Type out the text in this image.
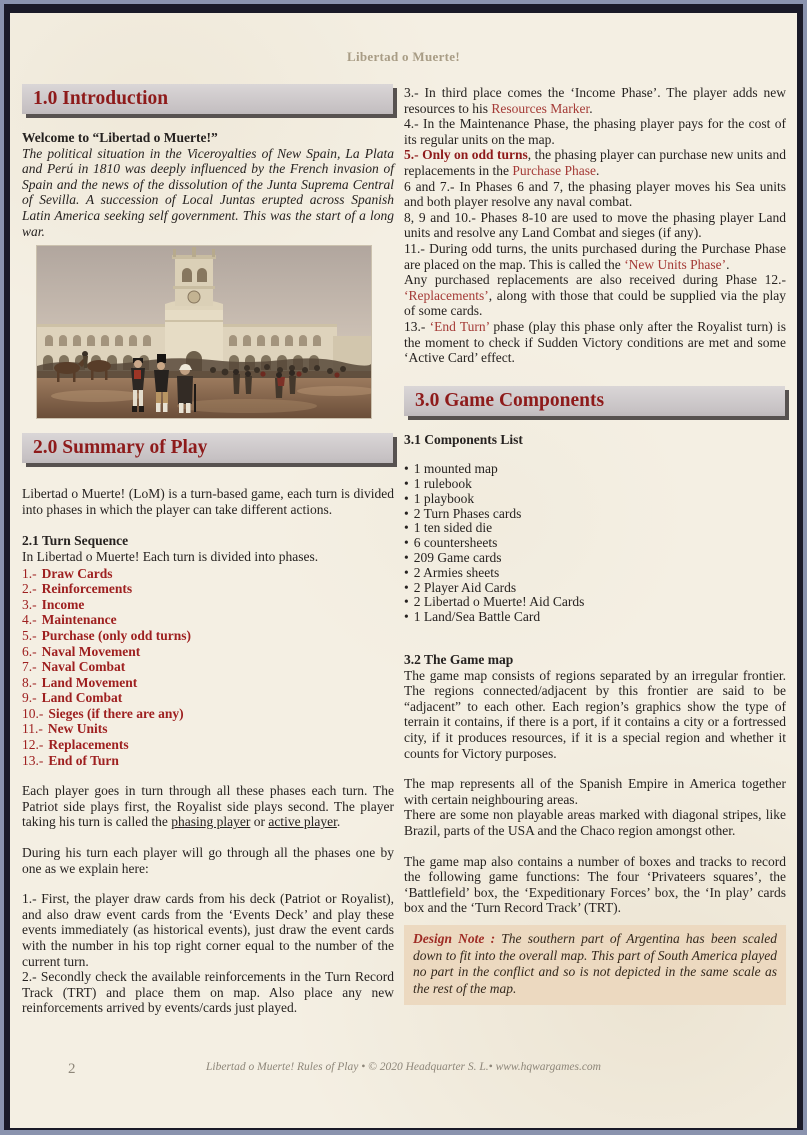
Libertad o Muerte!
1.0 Introduction

Welcome to “Libertad o Muerte!”

The political situation in the Viceroyalties of New Spain, La Plata and Perú in 1810 was deeply influenced by the French invasion of Spain and the news of the dissolution of the Junta Suprema Central of Sevilla. A succession of Local Juntas erupted across Spanish Latin America seeking self government. This was the start of a long war.

2.0 Summary of Play

Libertad o Muerte! (LoM) is a turn-based game, each turn is divided into phases in which the player can take different actions.

2.1 Turn Sequence

In Libertad o Muerte! Each turn is divided into phases.

1.- Draw Cards
2.- Reinforcements
3.- Income
4.- Maintenance
5.- Purchase (only odd turns)
6.- Naval Movement
7.- Naval Combat
8.- Land Movement
9.- Land Combat
10.- Sieges (if there are any)
11.- New Units
12.- Replacements
13.- End of Turn

Each player goes in turn through all these phases each turn. The Patriot side plays first, the Royalist side plays second. The player taking his turn is called the phasing player or active player.

During his turn each player will go through all the phases one by one as we explain here:

1.- First, the player draw cards from his deck (Patriot or Royalist), and also draw event cards from the ‘Events Deck’ and play these events immediately (as historical events), just draw the event cards with the number in his top right corner equal to the number of the current turn.

2.- Secondly check the available reinforcements in the Turn Record Track (TRT) and place them on map. Also place any new reinforcements arrived by events/cards just played.

3.- In third place comes the ‘Income Phase’. The player adds new resources to his Resources Marker.

4.- In the Maintenance Phase, the phasing player pays for the cost of its regular units on the map.

5.- Only on odd turns, the phasing player can purchase new units and replacements in the Purchase Phase.

6 and 7.- In Phases 6 and 7, the phasing player moves his Sea units and both player resolve any naval combat.

8, 9 and 10.- Phases 8-10 are used to move the phasing player Land units and resolve any Land Combat and sieges (if any).

11.- During odd turns, the units purchased during the Purchase Phase are placed on the map. This is called the ‘New Units Phase’.

Any purchased replacements are also received during Phase 12.- ‘Replacements’, along with those that could be supplied via the play of some cards.

13.- ‘End Turn’ phase (play this phase only after the Royalist turn) is the moment to check if Sudden Victory conditions are met and some ‘Active Card’ effect.

3.0 Game Components

3.1 Components List

• 1 mounted map
• 1 rulebook
• 1 playbook
• 2 Turn Phases cards
• 1 ten sided die
• 6 countersheets
• 209 Game cards
• 2 Armies sheets
• 2 Player Aid Cards
• 2 Libertad o Muerte! Aid Cards
• 1 Land/Sea Battle Card

3.2 The Game map

The game map consists of regions separated by an irregular frontier. The regions connected/adjacent by this frontier are said to be “adjacent” to each other. Each region’s graphics show the type of terrain it contains, if there is a port, if it contains a city or a fortressed city, if it produces resources, if it is a special region and whether it counts for Victory purposes.

The map represents all of the Spanish Empire in America together with certain neighbouring areas.

There are some non playable areas marked with diagonal stripes, like Brazil, parts of the USA and the Chaco region amongst other.

The game map also contains a number of boxes and tracks to record the following game functions: The four ‘Privateers squares’, the ‘Battlefield’ box, the ‘Expeditionary Forces’ box, the ‘In play’ cards box and the ‘Turn Record Track’ (TRT).

Design Note : The southern part of Argentina has been scaled down to fit into the overall map. This part of South America played no part in the conflict and so is not depicted in the same scale as the rest of the map.
2	Libertad o Muerte! Rules of Play • © 2020 Headquarter S. L.• www.hqwargames.com
